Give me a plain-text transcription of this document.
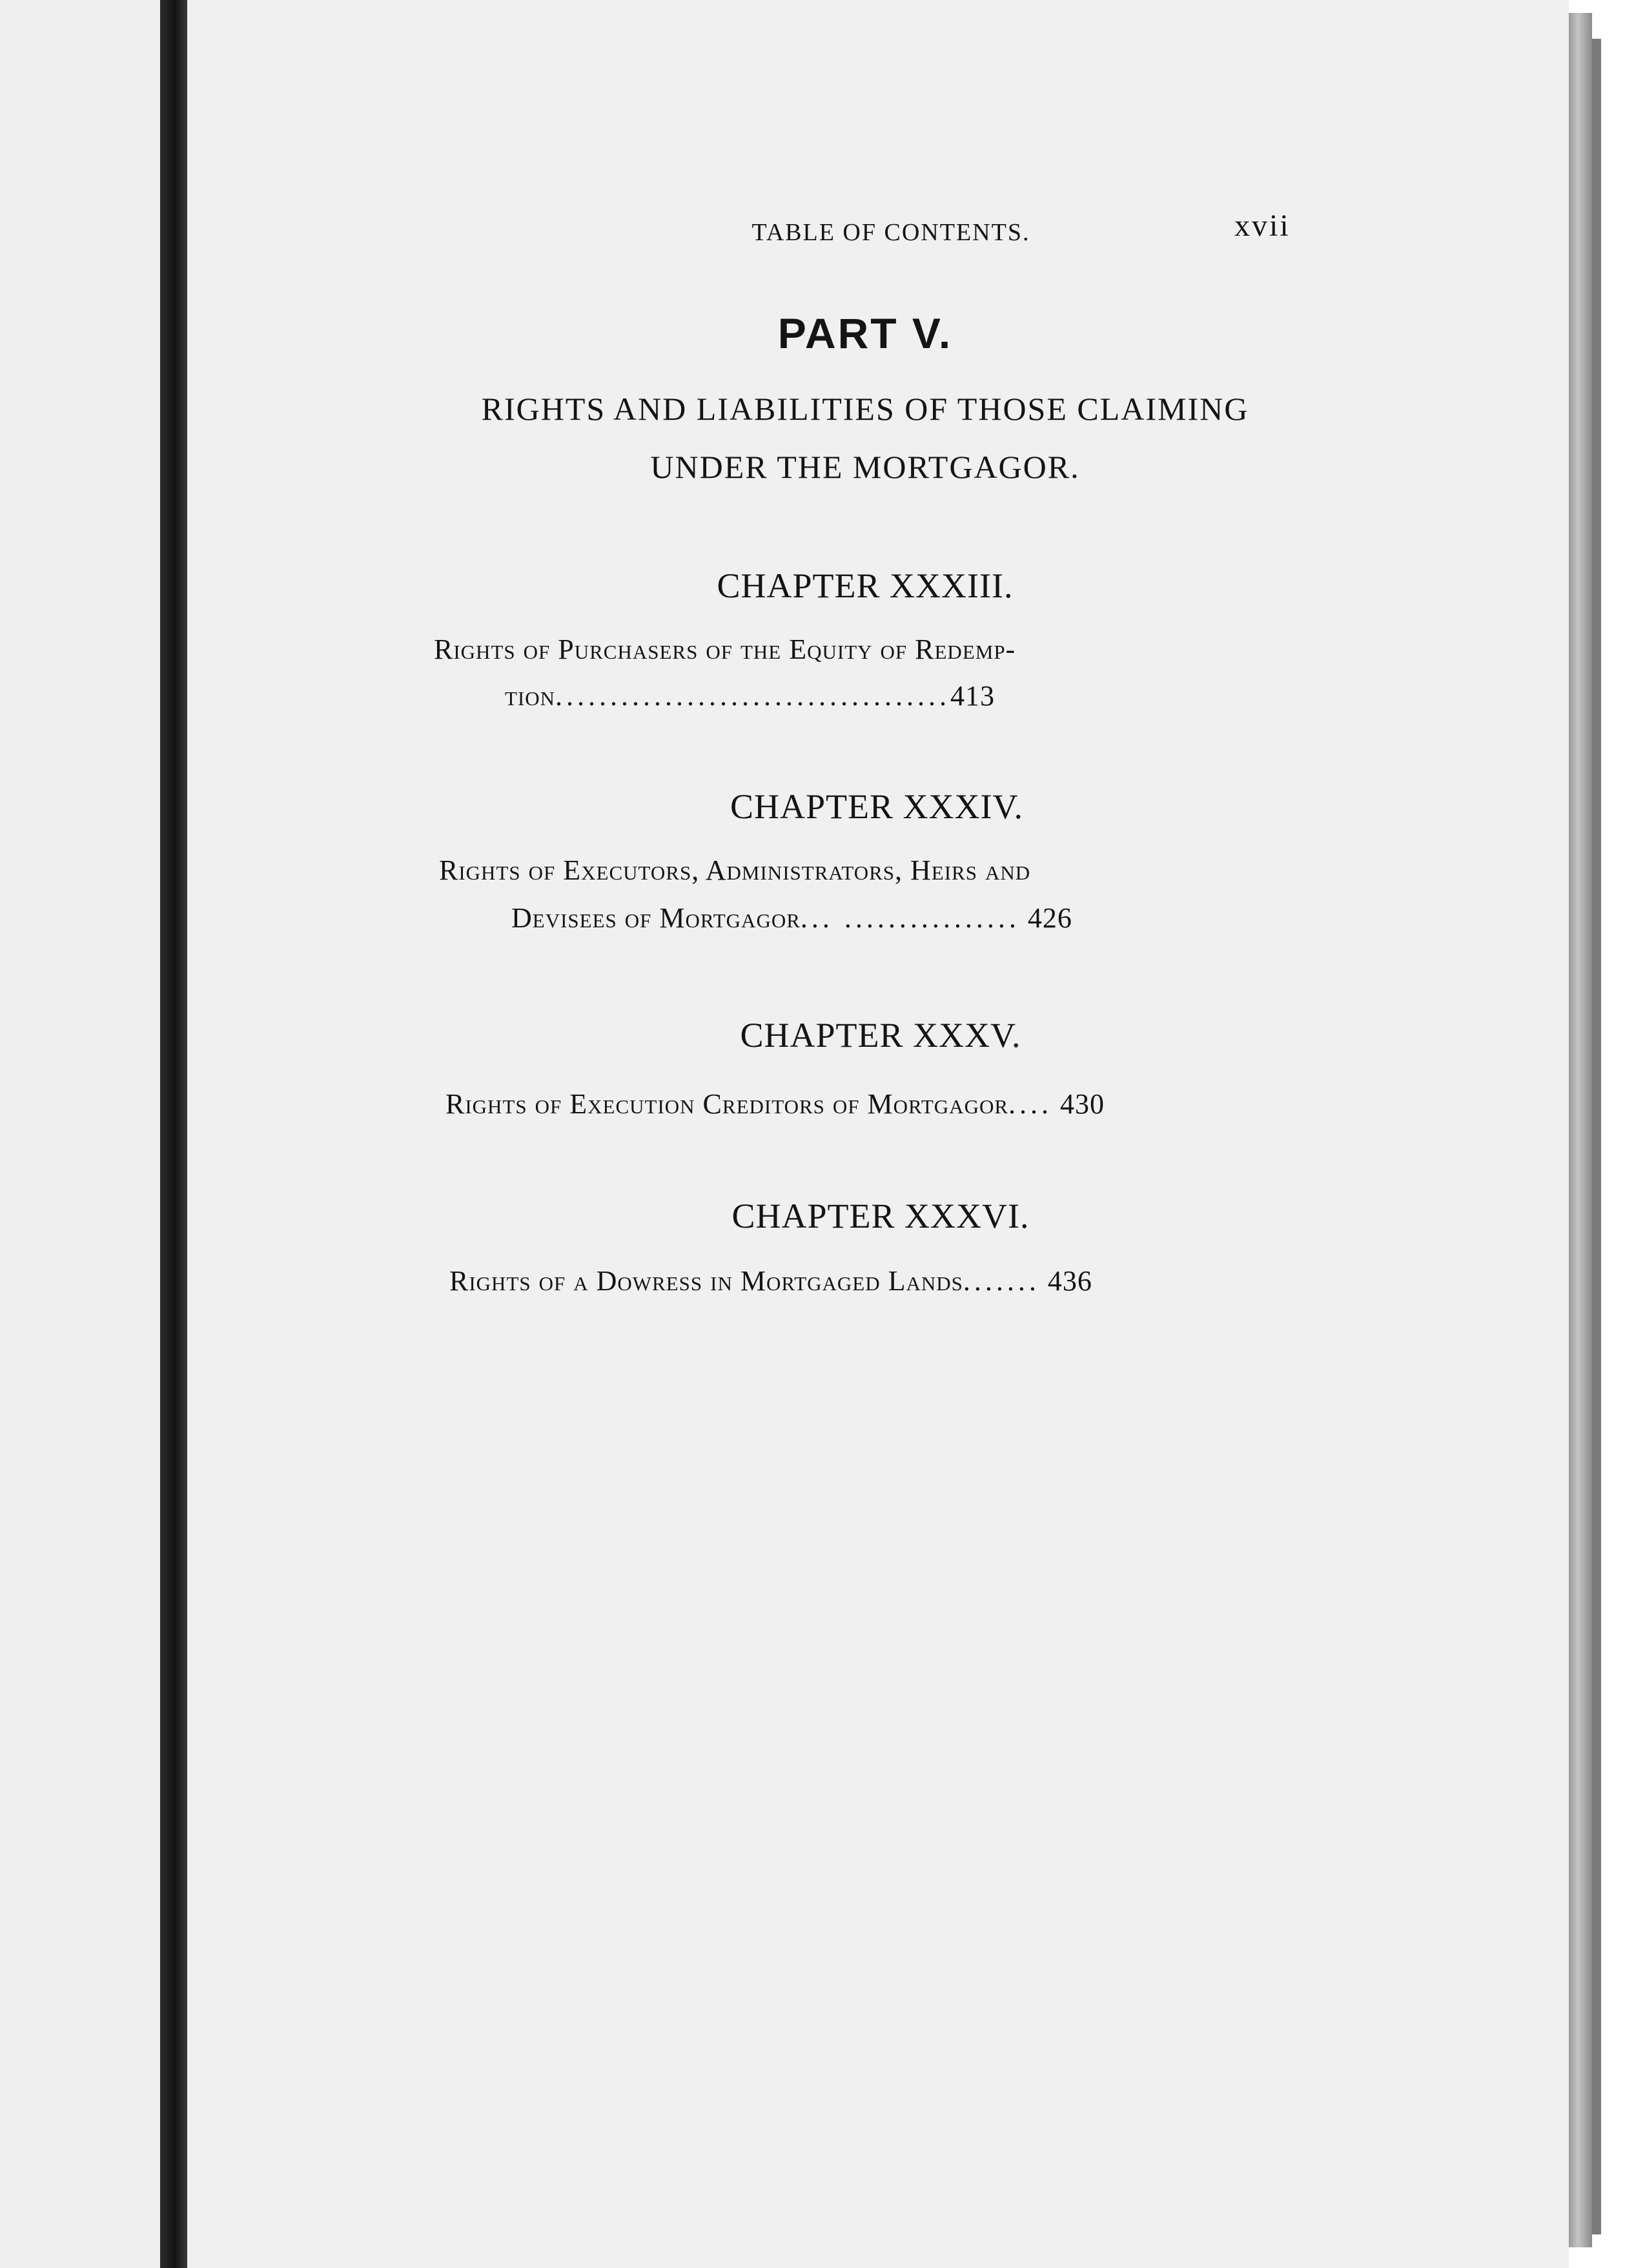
TABLE OF CONTENTS.	xvii
PART V.
RIGHTS AND LIABILITIES OF THOSE CLAIMING
UNDER THE MORTGAGOR.
CHAPTER XXXIII.
Rights of Purchasers of the Equity of Redemp-
tion....................................413
CHAPTER XXXIV.
Rights of Executors, Administrators, Heirs and
Devisees of Mortgagor... ................ 426
CHAPTER XXXV.
Rights of Execution Creditors of Mortgagor.... 430
CHAPTER XXXVI.
Rights of a Dowress in Mortgaged Lands....... 436
